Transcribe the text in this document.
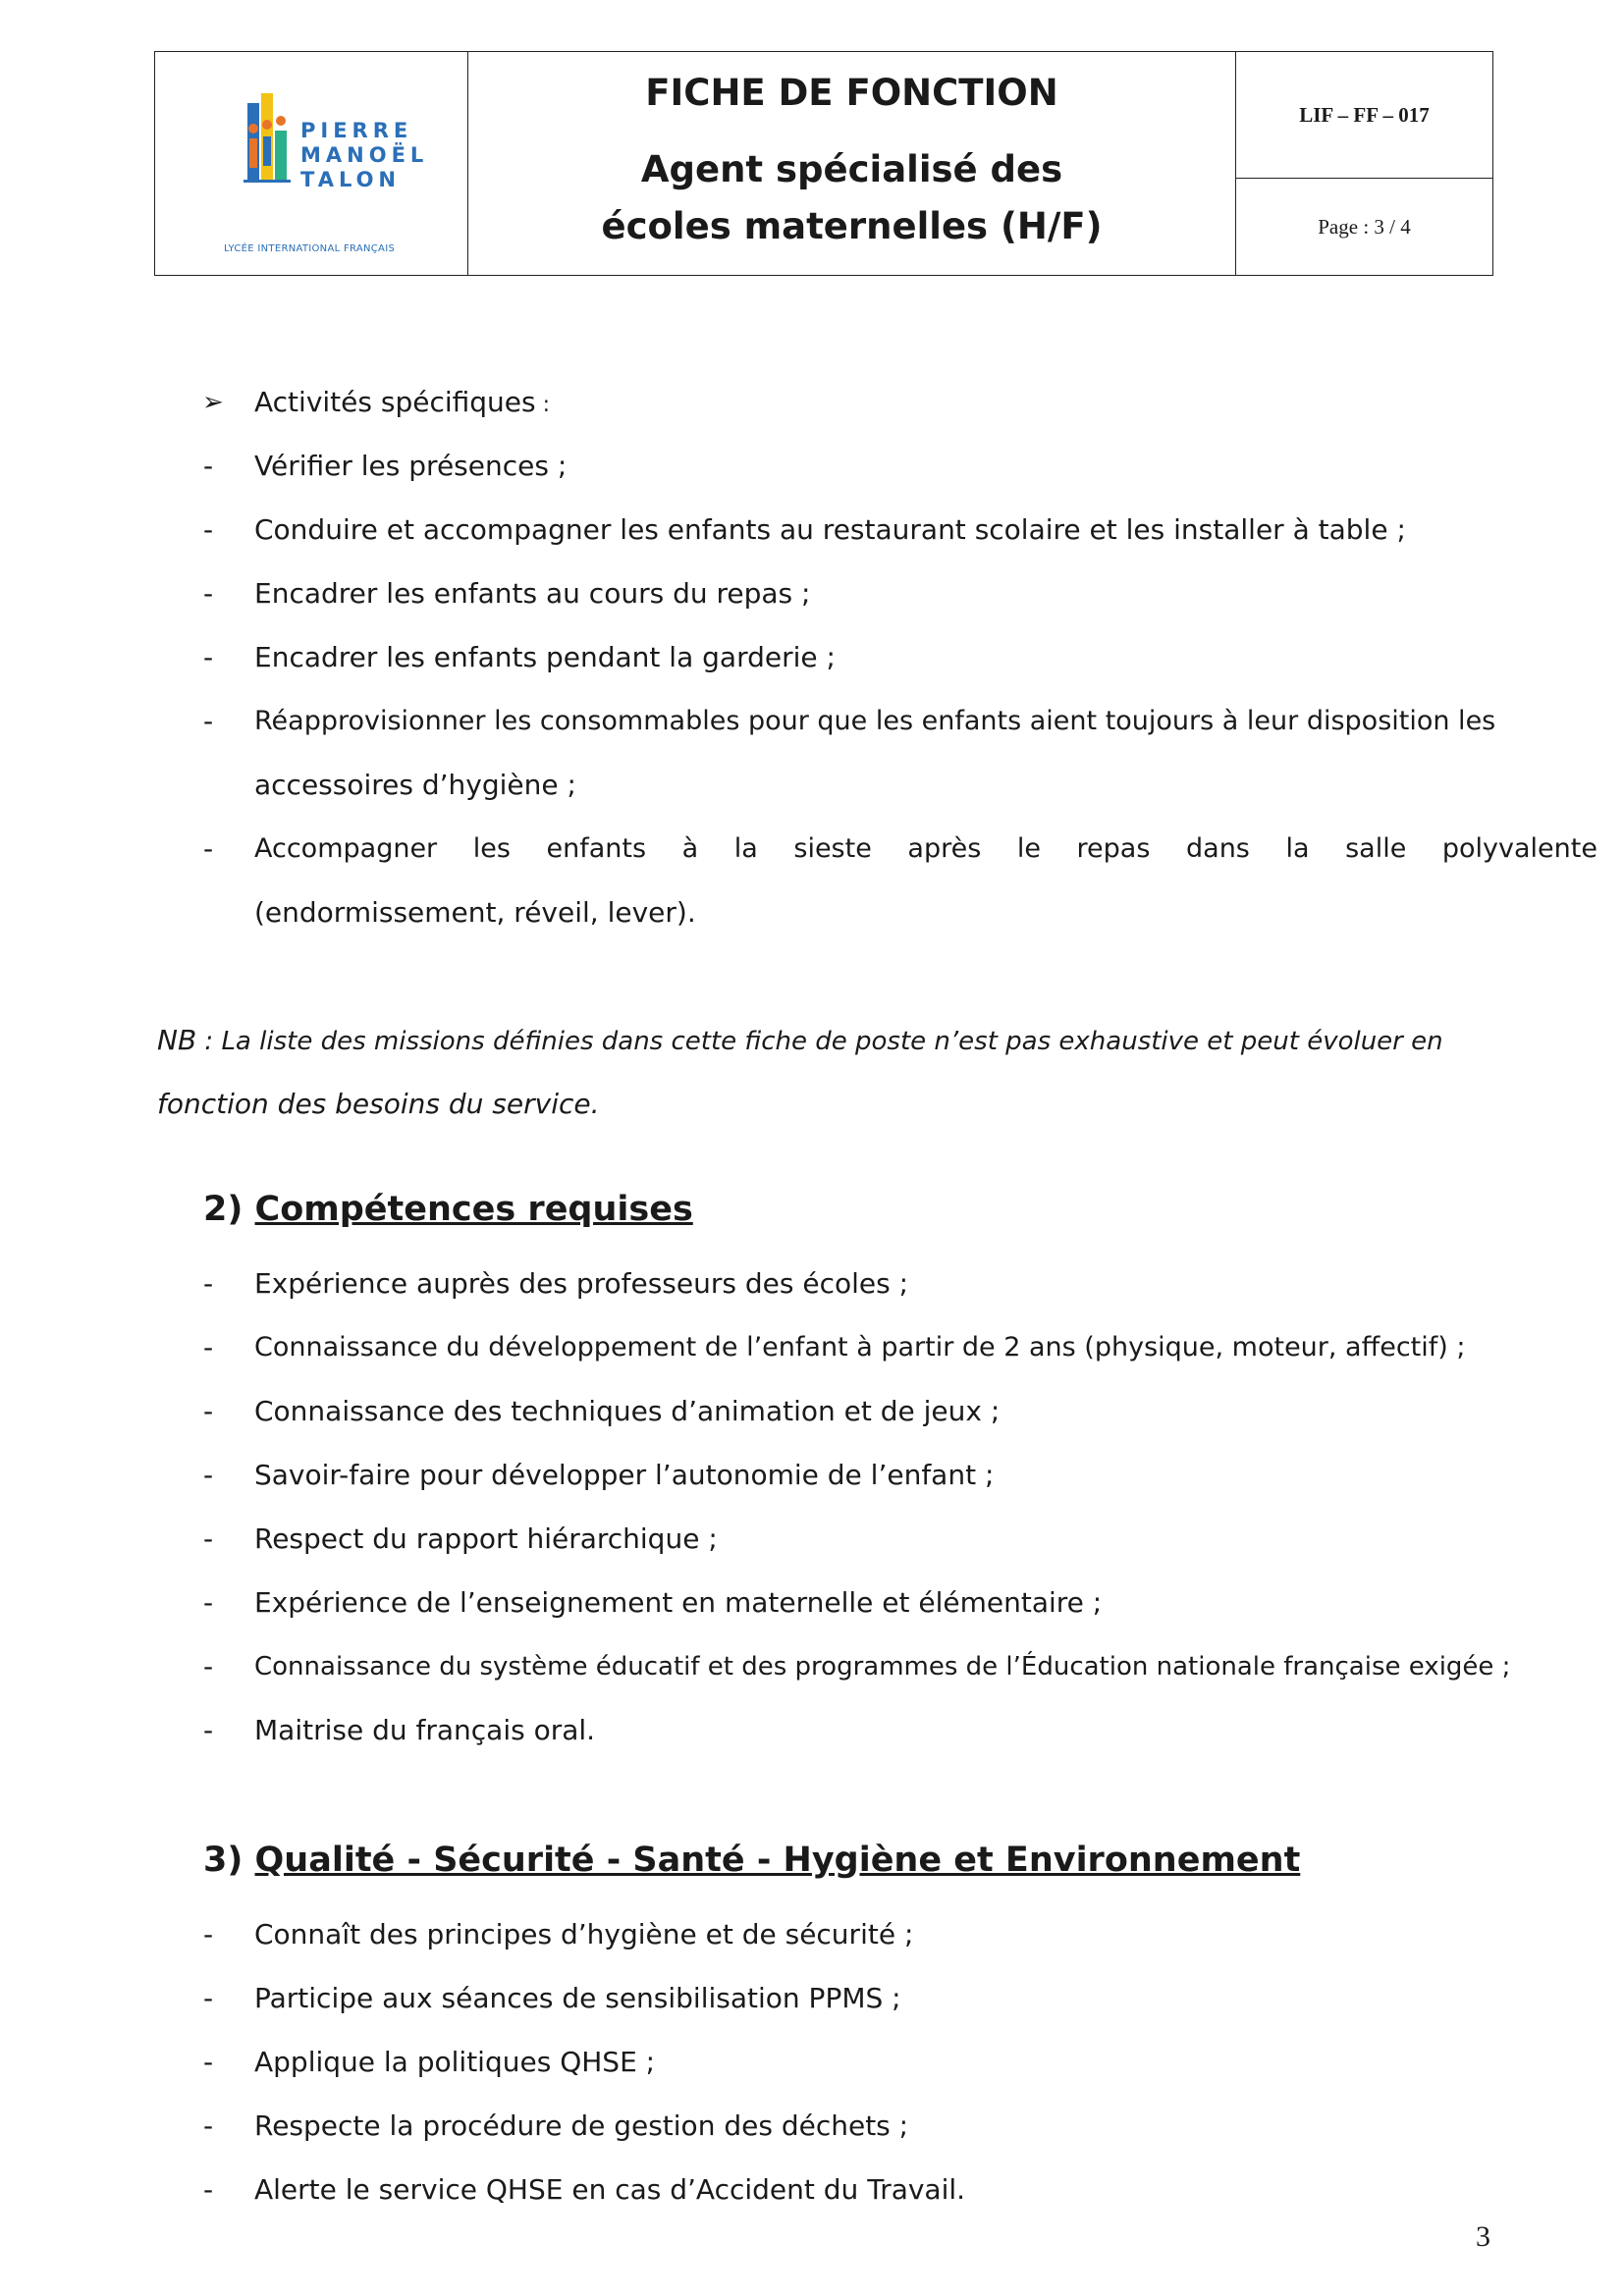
PIERRE
MANOËL
TALON
LYCÉE INTERNATIONAL FRANÇAIS
FICHE DE FONCTION
Agent spécialisé des écoles maternelles (H/F)
LIF – FF – 017
Page : 3 / 4
➢ Activités spécifiques :
- Vérifier les présences ;
- Conduire et accompagner les enfants au restaurant scolaire et les installer à table ;
- Encadrer les enfants au cours du repas ;
- Encadrer les enfants pendant la garderie ;
- Réapprovisionner les consommables pour que les enfants aient toujours à leur disposition les
accessoires d’hygiène ;
- Accompagner les enfants à la sieste après le repas dans la salle polyvalente
(endormissement, réveil, lever).
NB : La liste des missions définies dans cette fiche de poste n’est pas exhaustive et peut évoluer en
fonction des besoins du service.
2) Compétences requises
- Expérience auprès des professeurs des écoles ;
- Connaissance du développement de l’enfant à partir de 2 ans (physique, moteur, affectif) ;
- Connaissance des techniques d’animation et de jeux ;
- Savoir-faire pour développer l’autonomie de l’enfant ;
- Respect du rapport hiérarchique ;
- Expérience de l’enseignement en maternelle et élémentaire ;
- Connaissance du système éducatif et des programmes de l’Éducation nationale française exigée ;
- Maitrise du français oral.
3) Qualité - Sécurité - Santé - Hygiène et Environnement
- Connaît des principes d’hygiène et de sécurité ;
- Participe aux séances de sensibilisation PPMS ;
- Applique la politiques QHSE ;
- Respecte la procédure de gestion des déchets ;
- Alerte le service QHSE en cas d’Accident du Travail.
3
